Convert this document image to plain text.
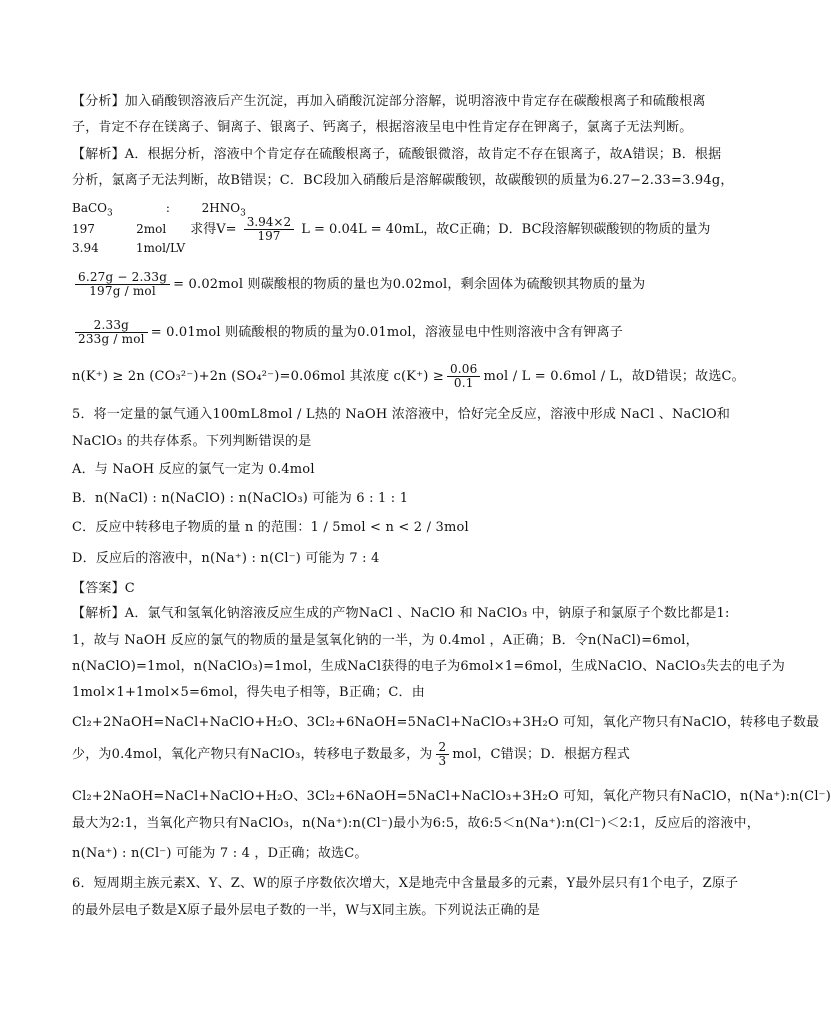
【分析】加入硝酸钡溶液后产生沉淀，再加入硝酸沉淀部分溶解，说明溶液中肯定存在碳酸根离子和硫酸根离
子，肯定不存在镁离子、铜离子、银离子、钙离子，根据溶液呈电中性肯定存在钾离子，氯离子无法判断。
【解析】A．根据分析，溶液中个肯定存在硫酸根离子，硫酸银微溶，故肯定不存在银离子，故A错误；B．根据
分析，氯离子无法判断，故B错误；C．BC段加入硝酸后是溶解碳酸钡，故碳酸钡的质量为6.27−2.33=3.94g，
BaCO$_3$	:	$2HNO_3$
197	2mol 求得$V= \frac{3.94\times 2}{197}$ L = 0.04L = 40mL，故C正确；D．BC段溶解钡碳酸钡的物质的量为
3.94	1mol/LV
$\frac{6.27g - 2.33g}{\text{197g / mol}} = 0.02mol$ 则碳酸根的物质的量也为0.02mol，剩余固体为硫酸钡其物质的量为
$\frac{2.33g}{\text{233g / mol}} = 0.01mol$ 则硫酸根的物质的量为0.01mol，溶液显电中性则溶液中含有钾离子
n(K⁺) ≥ 2n (CO₃²⁻)+2n (SO₄²⁻)=0.06mol 其浓度 $c(K^+) \ge \frac{0.06}{0.1}$ mol / L = 0.6mol / L，故D错误；故选C。
5．将一定量的氯气通入100mL8mol / L热的 NaOH 浓溶液中，恰好完全反应，溶液中形成 NaCl 、NaClO和
NaClO₃ 的共存体系。下列判断错误的是
A．与 NaOH 反应的氯气一定为 0.4mol
B．n(NaCl) : n(NaClO) : n(NaClO₃) 可能为 6 : 1 : 1
C．反应中转移电子物质的量 n 的范围：1 / 5mol < n < 2 / 3mol
D．反应后的溶液中，n(Na⁺) : n(Cl⁻) 可能为 7 : 4
【答案】C
【解析】A．氯气和氢氧化钠溶液反应生成的产物NaCl 、NaClO 和 NaClO₃ 中，钠原子和氯原子个数比都是1:
1，故与 NaOH 反应的氯气的物质的量是氢氧化钠的一半，为 0.4mol ，A正确；B．令n(NaCl)=6mol，
n(NaClO)=1mol，n(NaClO₃)=1mol，生成NaCl获得的电子为6mol×1=6mol，生成NaClO、NaClO₃失去的电子为
1mol×1+1mol×5=6mol，得失电子相等，B正确；C．由
Cl₂+2NaOH=NaCl+NaClO+H₂O、3Cl₂+6NaOH=5NaCl+NaClO₃+3H₂O 可知，氧化产物只有NaClO，转移电子数最
少，为0.4mol，氧化产物只有NaClO₃，转移电子数最多，为 $\frac{2}{3}$ mol，C错误；D．根据方程式
Cl₂+2NaOH=NaCl+NaClO+H₂O、3Cl₂+6NaOH=5NaCl+NaClO₃+3H₂O 可知，氧化产物只有NaClO，n(Na⁺):n(Cl⁻)
最大为2:1，当氧化产物只有NaClO₃，n(Na⁺):n(Cl⁻)最小为6:5，故6:5＜n(Na⁺):n(Cl⁻)＜2:1，反应后的溶液中，
n(Na⁺) : n(Cl⁻) 可能为 7 : 4 ，D正确；故选C。
6．短周期主族元素X、Y、Z、W的原子序数依次增大，X是地壳中含量最多的元素，Y最外层只有1个电子，Z原子
的最外层电子数是X原子最外层电子数的一半，W与X同主族。下列说法正确的是
